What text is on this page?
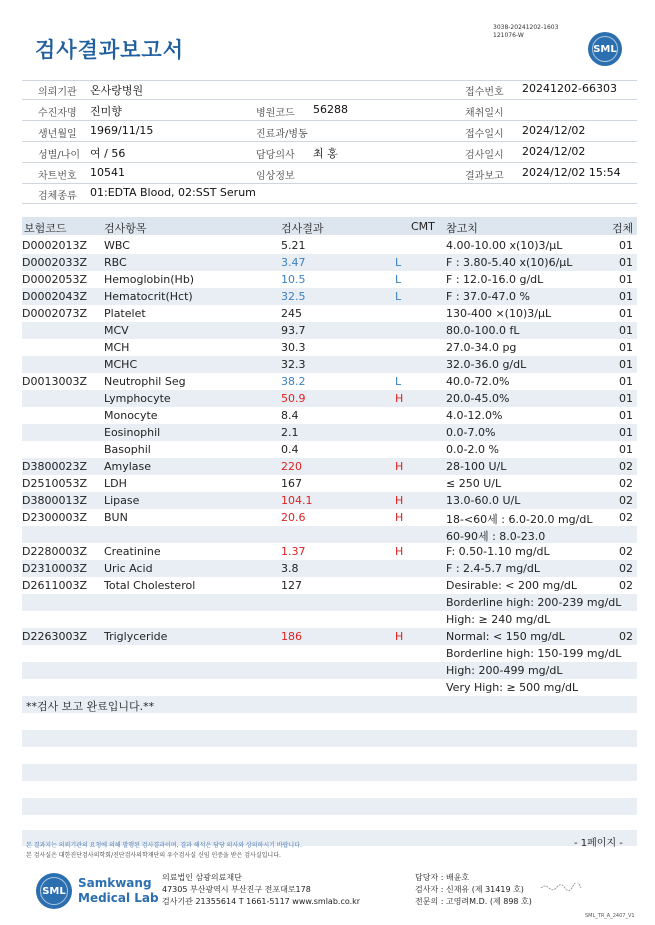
검사결과보고서
3038-20241202-1603
121076-W
SML
의뢰기관 온사랑병원
수진자명 진미향
생년월일 1969/11/15
성별/나이 여 / 56
차트번호 10541
검체종류 01:EDTA Blood, 02:SST Serum
병원코드 56288
진료과/병동
담당의사 최 홍
임상정보
접수번호 20241202-66303
채취일시
접수일시 2024/12/02
검사일시 2024/12/02
결과보고 2024/12/02 15:54
보험코드	검사항목	검사결과	CMT 참고치	검체
D0002013Z WBC	5.21	4.00-10.00 x(10)3/μL	01
D0002033Z RBC	3.47	L	F : 3.80-5.40 x(10)6/μL	01
D0002053Z Hemoglobin(Hb)	10.5	L	F : 12.0-16.0 g/dL	01
D0002043Z Hematocrit(Hct)	32.5	L	F : 37.0-47.0 %	01
D0002073Z Platelet	245	130-400 ×(10)3/μL	01
MCV	93.7	80.0-100.0 fL	01
MCH	30.3	27.0-34.0 pg	01
MCHC	32.3	32.0-36.0 g/dL	01
D0013003Z Neutrophil Seg	38.2	L	40.0-72.0%	01
Lymphocyte	50.9	H	20.0-45.0%	01
Monocyte	8.4	4.0-12.0%	01
Eosinophil	2.1	0.0-7.0%	01
Basophil	0.4	0.0-2.0 %	01
D3800023Z Amylase	220	H	28-100 U/L	02
D2510053Z LDH	167	≤ 250 U/L	02
D3800013Z Lipase	104.1	H	13.0-60.0 U/L	02
D2300003Z BUN	20.6	H	18-<60세 : 6.0-20.0 mg/dL 02
60-90세 : 8.0-23.0
D2280003Z Creatinine	1.37	H	F: 0.50-1.10 mg/dL	02
D2310003Z Uric Acid	3.8	F : 2.4-5.7 mg/dL	02
D2611003Z Total Cholesterol	127	Desirable: < 200 mg/dL	02
Borderline high: 200-239 mg/dL
High: ≥ 240 mg/dL
D2263003Z Triglyceride	186	H	Normal: < 150 mg/dL	02
Borderline high: 150-199 mg/dL
High: 200-499 mg/dL
Very High: ≥ 500 mg/dL
**검사 보고 완료입니다.**
본 결과지는 의뢰기관의 요청에 의해 발행된 검사결과이며, 결과 해석은 담당 의사와 상의하시기 바랍니다.
본 검사실은 대한진단검사의학회/진단검사의학재단의 우수검사실 신임 인증을 받은 검사실입니다.
- 1페이지 -
SML
Samkwang
Medical Lab
의료법인 삼광의료재단
47305 부산광역시 부산진구 전포대로178
검사기관 21355614 T 1661-5117 www.smlab.co.kr
담당자 : 배윤호
검사자 : 신재유 (제 31419 호)
전문의 : 고영려M.D. (제 898 호)
SML_TR_A_2407_V1
